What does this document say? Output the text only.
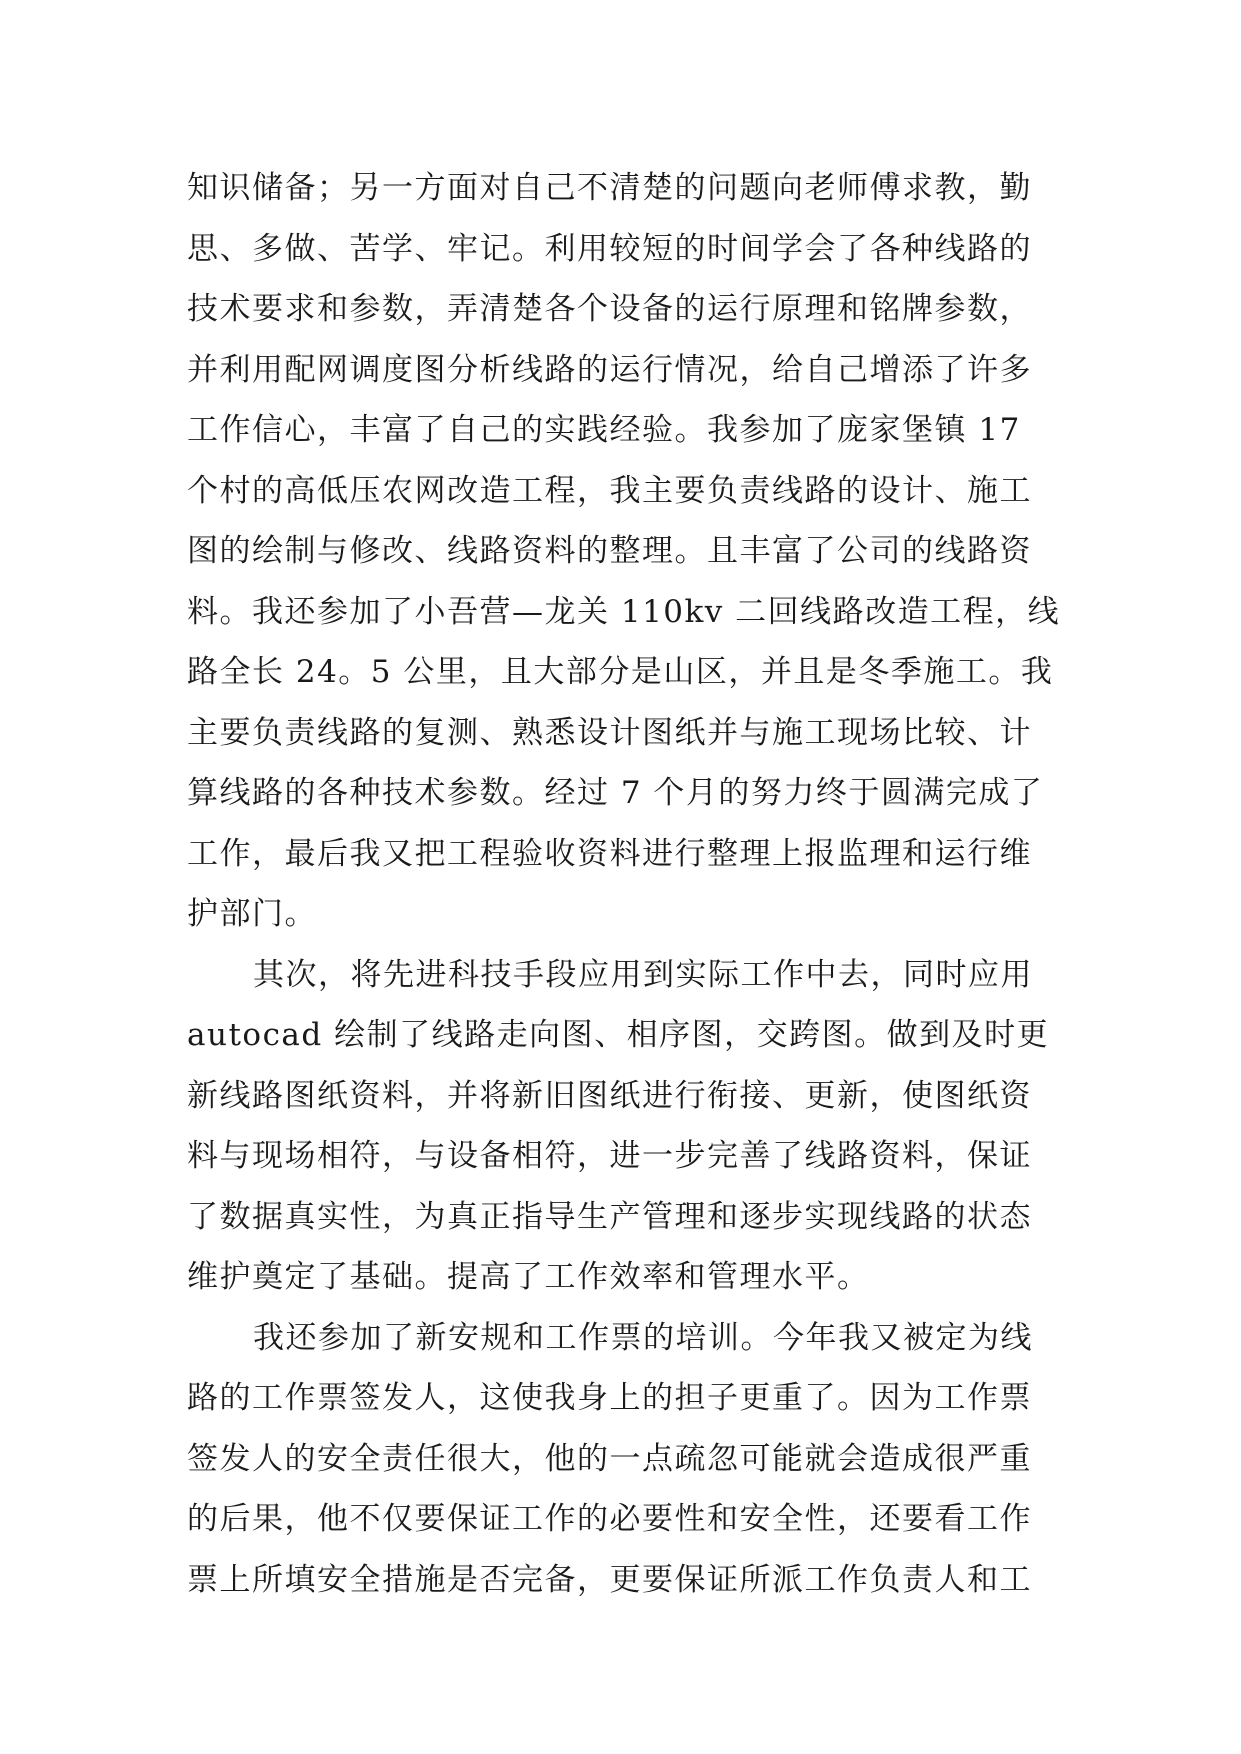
知识储备；另一方面对自己不清楚的问题向老师傅求教，勤
思、多做、苦学、牢记。利用较短的时间学会了各种线路的
技术要求和参数，弄清楚各个设备的运行原理和铭牌参数，
并利用配网调度图分析线路的运行情况，给自己增添了许多
工作信心，丰富了自己的实践经验。我参加了庞家堡镇 17
个村的高低压农网改造工程，我主要负责线路的设计、施工
图的绘制与修改、线路资料的整理。且丰富了公司的线路资
料。我还参加了小吾营—龙关 110kv 二回线路改造工程，线
路全长 24。5 公里，且大部分是山区，并且是冬季施工。我
主要负责线路的复测、熟悉设计图纸并与施工现场比较、计
算线路的各种技术参数。经过 7 个月的努力终于圆满完成了
工作，最后我又把工程验收资料进行整理上报监理和运行维
护部门。
其次，将先进科技手段应用到实际工作中去，同时应用
autocad 绘制了线路走向图、相序图，交跨图。做到及时更
新线路图纸资料，并将新旧图纸进行衔接、更新，使图纸资
料与现场相符，与设备相符，进一步完善了线路资料，保证
了数据真实性，为真正指导生产管理和逐步实现线路的状态
维护奠定了基础。提高了工作效率和管理水平。
我还参加了新安规和工作票的培训。今年我又被定为线
路的工作票签发人，这使我身上的担子更重了。因为工作票
签发人的安全责任很大，他的一点疏忽可能就会造成很严重
的后果，他不仅要保证工作的必要性和安全性，还要看工作
票上所填安全措施是否完备，更要保证所派工作负责人和工
